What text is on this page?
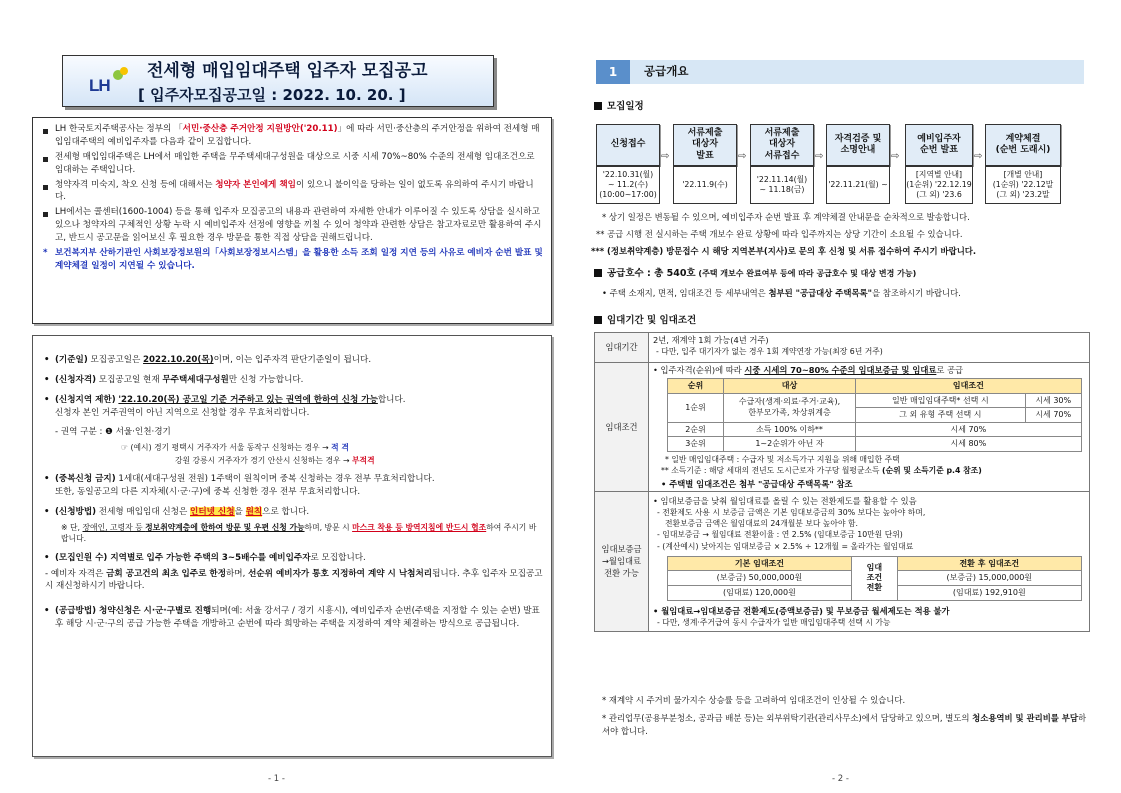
LH
전세형 매입임대주택 입주자 모집공고
[ 입주자모집공고일 : 2022. 10. 20. ]
LH 한국토지주택공사는 정부의 「서민·중산층 주거안정 지원방안('20.11)」에 따라 서민·중산층의 주거안정을 위하여 전세형 매입임대주택의 예비입주자를 다음과 같이 모집합니다.
전세형 매입임대주택은 LH에서 매입한 주택을 무주택세대구성원을 대상으로 시중 시세 70%~80% 수준의 전세형 임대조건으로 임대하는 주택입니다.
청약자격 미숙지, 착오 신청 등에 대해서는 청약자 본인에게 책임이 있으니 불이익을 당하는 일이 없도록 유의하여 주시기 바랍니다.
LH에서는 콜센터(1600-1004) 등을 통해 입주자 모집공고의 내용과 관련하여 자세한 안내가 이루어질 수 있도록 상담을 실시하고 있으나 청약자의 구체적인 상황 누락 시 예비입주자 선정에 영향을 끼칠 수 있어 청약과 관련한 상담은 참고자료로만 활용하여 주시고, 반드시 공고문을 읽어보신 후 필요한 경우 방문을 통한 직접 상담을 권해드립니다.
* 보건복지부 산하기관인 사회보장정보원의「사회보장정보시스템」을 활용한 소득 조회 일정 지연 등의 사유로 예비자 순번 발표 및 계약체결 일정이 지연될 수 있습니다.
• (기준일) 모집공고일은 2022.10.20(목)이며, 이는 입주자격 판단기준일이 됩니다.
• (신청자격) 모집공고일 현재 무주택세대구성원만 신청 가능합니다.
• (신청지역 제한) '22.10.20(목) 공고일 기준 거주하고 있는 권역에 한하여 신청 가능합니다.
신청자 본인 거주권역이 아닌 지역으로 신청할 경우 무효처리합니다.
- 권역 구분 : ❶ 서울·인천·경기
☞ (예시) 경기 평택시 거주자가 서울 동작구 신청하는 경우 → 적 격
강원 강릉시 거주자가 경기 안산시 신청하는 경우 → 부적격
• (중복신청 금지) 1세대(세대구성원 전원) 1주택이 원칙이며 중복 신청하는 경우 전부 무효처리합니다.
또한, 동일공고의 다른 지자체(시·군·구)에 중복 신청한 경우 전부 무효처리합니다.
• (신청방법) 전세형 매입임대 신청은 인터넷 신청을 원칙으로 합니다.
※ 단, 장애인, 고령자 등 정보취약계층에 한하여 방문 및 우편 신청 가능하며, 방문 시 마스크 착용 등 방역지침에 반드시 협조하여 주시기 바랍니다.
• (모집인원 수) 지역별로 입주 가능한 주택의 3~5배수를 예비입주자로 모집합니다.
- 예비자 자격은 금회 공고건의 최초 입주로 한정하며, 선순위 예비자가 통호 지정하여 계약 시 낙첨처리됩니다. 추후 입주자 모집공고 시 재신청하시기 바랍니다.
• (공급방법) 청약신청은 시·군·구별로 진행되며(예: 서울 강서구 / 경기 시흥시), 예비입주자 순번(주택을 지정할 수 있는 순번) 발표 후 해당 시·군·구의 공급 가능한 주택을 개방하고 순번에 따라 희망하는 주택을 지정하여 계약 체결하는 방식으로 공급됩니다.
- 1 -
1	공급개요
모집일정
신청접수
'22.10.31(월)
~ 11.2(수)
(10:00~17:00)
⇨
서류제출
대상자
발표
'22.11.9(수)
⇨
서류제출
대상자
서류접수
'22.11.14(월)
~ 11.18(금)
⇨
자격검증 및
소명안내
'22.11.21(월) ~
⇨
예비입주자
순번 발표
[지역별 안내]
(1순위) '22.12.19
(그 외) '23.6
⇨
계약체결
(순번 도래시)
[개별 안내]
(1순위) '22.12말
(그 외) '23.2말
* 상기 일정은 변동될 수 있으며, 예비입주자 순번 발표 후 계약체결 안내문을 순차적으로 발송합니다.
** 공급 시행 전 실시하는 주택 개보수 완료 상황에 따라 입주까지는 상당 기간이 소요될 수 있습니다.
*** (정보취약계층) 방문접수 시 해당 지역본부(지사)로 문의 후 신청 및 서류 접수하여 주시기 바랍니다.
공급호수 : 총 540호 (주택 개보수 완료여부 등에 따라 공급호수 및 대상 변경 가능)
• 주택 소재지, 면적, 임대조건 등 세부내역은 첨부된 "공급대상 주택목록"을 참조하시기 바랍니다.
임대기간 및 임대조건
임대기간	
2년, 재계약 1회 가능(4년 거주)
- 다만, 입주 대기자가 없는 경우 1회 계약연장 가능(최장 6년 거주)

임대조건	
• 입주자격(순위)에 따라 시중 시세의 70~80% 수준의 임대보증금 및 임대료로 공급
순위	대상	임대조건
1순위	수급자(생계·의료·주거·교육),
한부모가족, 차상위계층	일반 매입임대주택* 선택 시	시세 30%
그 외 유형 주택 선택 시	시세 70%
2순위	소득 100% 이하**	시세 70%
3순위	1~2순위가 아닌 자	시세 80%
* 일반 매입임대주택 : 수급자 및 저소득가구 지원을 위해 매입한 주택
** 소득기준 : 해당 세대의 전년도 도시근로자 가구당 월평균소득 (순위 및 소득기준 p.4 참조)
• 주택별 임대조건은 첨부 "공급대상 주택목록" 참조

임대보증금
→월임대료
전환 가능	
• 임대보증금을 낮춰 월임대료를 올릴 수 있는 전환제도를 활용할 수 있음
- 전환제도 사용 시 보증금 금액은 기본 임대보증금의 30% 보다는 높아야 하며,
전환보증금 금액은 월임대료의 24개월분 보다 높아야 함.
- 임대보증금 → 월임대료 전환이율 : 연 2.5% (임대보증금 10만원 단위)
- (계산예시) 낮아지는 임대보증금 × 2.5% ÷ 12개월 = 올라가는 월임대료
기본 임대조건	임대
조건
전환	전환 후 임대조건
(보증금) 50,000,000원	(보증금) 15,000,000원
(임대료) 120,000원	(임대료) 192,910원
• 월임대료→임대보증금 전환제도(증액보증금) 및 무보증금 월세제도는 적용 불가
- 다만, 생계·주거급여 동시 수급자가 일반 매입임대주택 선택 시 가능
* 재계약 시 주거비 물가지수 상승률 등을 고려하여 임대조건이 인상될 수 있습니다.
* 관리업무(공용부분청소, 공과금 배분 등)는 외부위탁기관(관리사무소)에서 담당하고 있으며, 별도의 청소용역비 및 관리비를 부담하셔야 합니다.
- 2 -
